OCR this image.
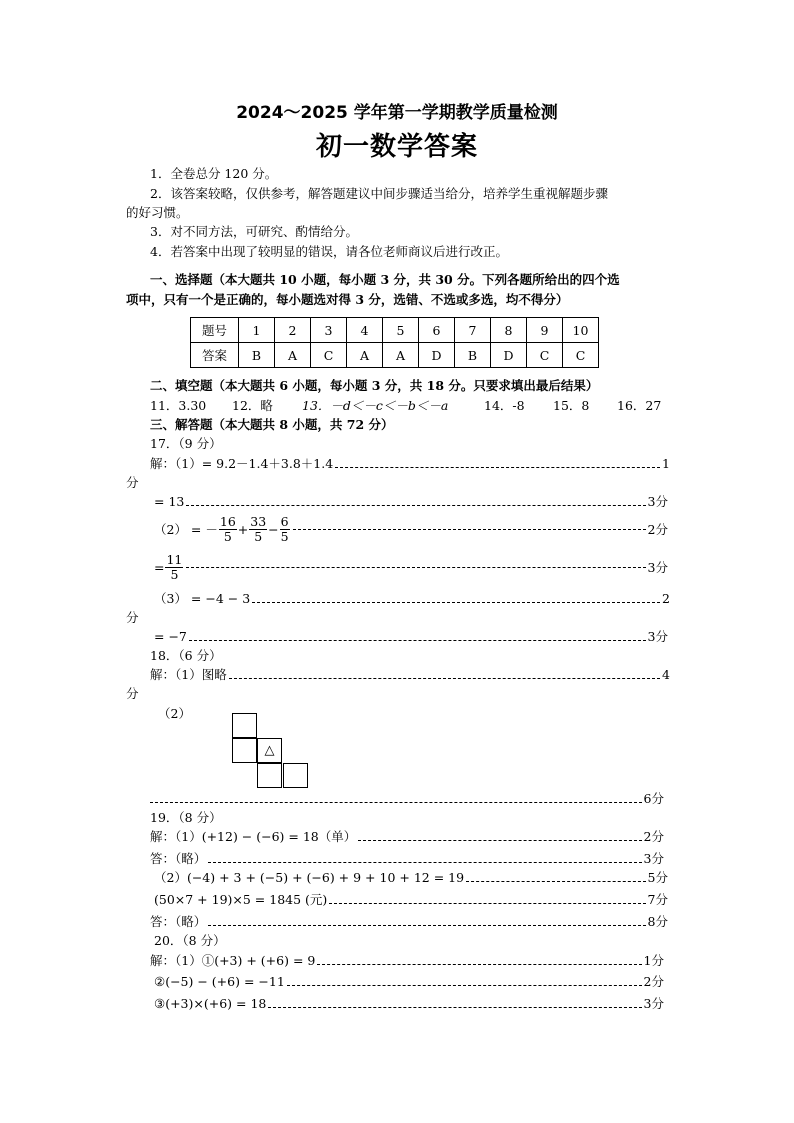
2024～2025 学年第一学期教学质量检测
初一数学答案
1．全卷总分 120 分。
2．该答案较略，仅供参考，解答题建议中间步骤适当给分，培养学生重视解题步骤
的好习惯。
3．对不同方法，可研究、酌情给分。
4．若答案中出现了较明显的错误，请各位老师商议后进行改正。
一、选择题（本大题共 10 小题，每小题 3 分，共 30 分。下列各题所给出的四个选
项中，只有一个是正确的，每小题选对得 3 分，选错、不选或多选，均不得分）
题号	1	2	3	4	5	6	7	8	9	10
答案	B	A	C	A	A	D	B	D	C	C
二、填空题（本大题共 6 小题，每小题 3 分，共 18 分。只要求填出最后结果）
11．3.30 12．略 13．－d＜－c＜－b＜－a	14．-8 15．8 16．27
三、解答题（本大题共 8 小题，共 72 分）
17．（9 分）
解：（1）= 9.2－1.4＋3.8＋1.4	1
分
= 13	3分
（2） = － $\frac{16}{5} + \frac{33}{5} - \frac{6}{5}$	2分
= $\frac{11}{5}$	3分
（3） = −4 − 3	2
分
= −7	3分
18．（6 分）
解：（1）图略	4
分
（2）
△
6分
19．（8 分）
解：（1）(+12) − (−6) = 18（单）	2分
答：（略）	3分
（2）(−4) + 3 + (−5) + (−6) + 9 + 10 + 12 = 19	5分
(50×7 + 19)×5 = 1845 (元)	7分
答：（略）	8分
20．（8 分）
解：（1）①(+3) + (+6) = 9	1分
②(−5) − (+6) = −11	2分
③(+3)×(+6) = 18	3分
